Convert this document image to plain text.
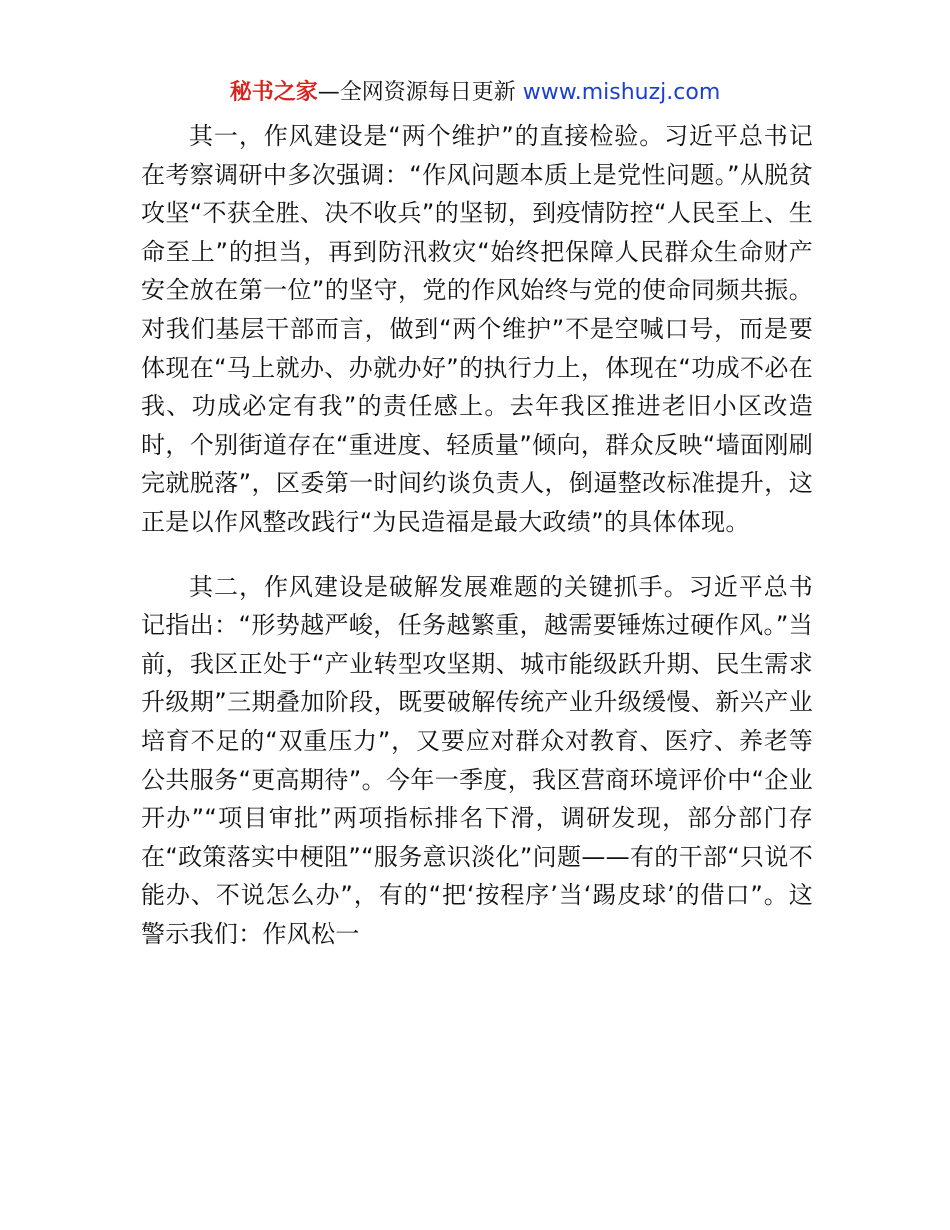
秘书之家—全网资源每日更新 www.mishuzj.com

其一，作风建设是“两个维护”的直接检验。习近平总书记在考察调研中多次强调：“作风问题本质上是党性问题。”从脱贫攻坚“不获全胜、决不收兵”的坚韧，到疫情防控“人民至上、生命至上”的担当，再到防汛救灾“始终把保障人民群众生命财产安全放在第一位”的坚守，党的作风始终与党的使命同频共振。对我们基层干部而言，做到“两个维护”不是空喊口号，而是要体现在“马上就办、办就办好”的执行力上，体现在“功成不必在我、功成必定有我”的责任感上。去年我区推进老旧小区改造时，个别街道存在“重进度、轻质量”倾向，群众反映“墙面刚刷完就脱落”，区委第一时间约谈负责人，倒逼整改标准提升，这正是以作风整改践行“为民造福是最大政绩”的具体体现。

其二，作风建设是破解发展难题的关键抓手。习近平总书记指出：“形势越严峻，任务越繁重，越需要锤炼过硬作风。”当前，我区正处于“产业转型攻坚期、城市能级跃升期、民生需求升级期”三期叠加阶段，既要破解传统产业升级缓慢、新兴产业培育不足的“双重压力”，又要应对群众对教育、医疗、养老等公共服务“更高期待”。今年一季度，我区营商环境评价中“企业开办”“项目审批”两项指标排名下滑，调研发现，部分部门存在“政策落实中梗阻”“服务意识淡化”问题——有的干部“只说不能办、不说怎么办”，有的“把‘按程序’当‘踢皮球’的借口”。这警示我们：作风松一
